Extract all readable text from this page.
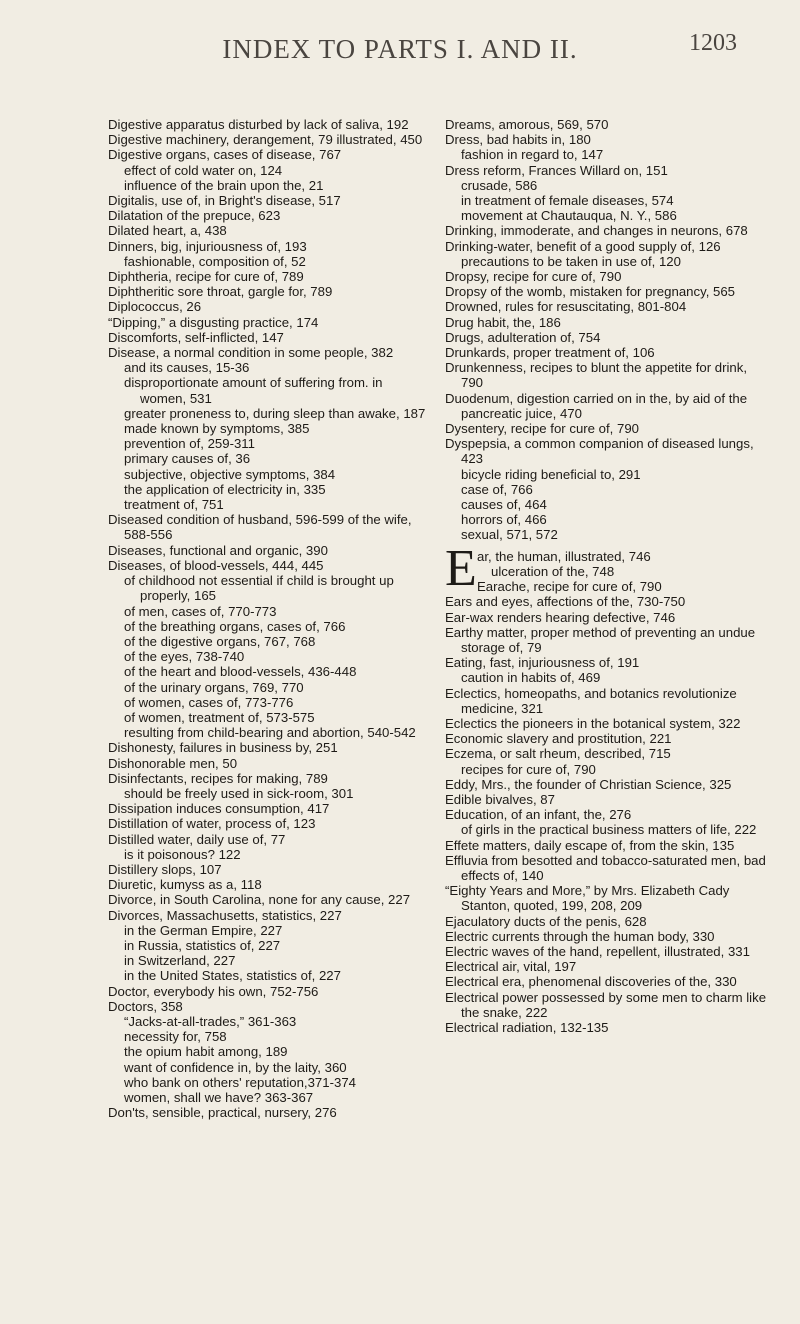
INDEX TO PARTS I. AND II.	1203

Digestive apparatus disturbed by lack of saliva, 192

Digestive machinery, derangement, 79 illustrated, 450

Digestive organs, cases of disease, 767

effect of cold water on, 124

influence of the brain upon the, 21

Digitalis, use of, in Bright's disease, 517

Dilatation of the prepuce, 623

Dilated heart, a, 438

Dinners, big, injuriousness of, 193

fashionable, composition of, 52

Diphtheria, recipe for cure of, 789

Diphtheritic sore throat, gargle for, 789

Diplococcus, 26

“Dipping,” a disgusting practice, 174

Discomforts, self-inflicted, 147

Disease, a normal condition in some people, 382

and its causes, 15-36

disproportionate amount of suffering from. in women, 531

greater proneness to, during sleep than awake, 187

made known by symptoms, 385

prevention of, 259-311

primary causes of, 36

subjective, objective symptoms, 384

the application of electricity in, 335

treatment of, 751

Diseased condition of husband, 596-599 of the wife, 588-556

Diseases, functional and organic, 390

Diseases, of blood-vessels, 444, 445

of childhood not essential if child is brought up properly, 165

of men, cases of, 770-773

of the breathing organs, cases of, 766

of the digestive organs, 767, 768

of the eyes, 738-740

of the heart and blood-vessels, 436-448

of the urinary organs, 769, 770

of women, cases of, 773-776

of women, treatment of, 573-575

resulting from child-bearing and abortion, 540-542

Dishonesty, failures in business by, 251

Dishonorable men, 50

Disinfectants, recipes for making, 789

should be freely used in sick-room, 301

Dissipation induces consumption, 417

Distillation of water, process of, 123

Distilled water, daily use of, 77

is it poisonous? 122

Distillery slops, 107

Diuretic, kumyss as a, 118

Divorce, in South Carolina, none for any cause, 227

Divorces, Massachusetts, statistics, 227

in the German Empire, 227

in Russia, statistics of, 227

in Switzerland, 227

in the United States, statistics of, 227

Doctor, everybody his own, 752-756

Doctors, 358

“Jacks-at-all-trades,” 361-363

necessity for, 758

the opium habit among, 189

want of confidence in, by the laity, 360

who bank on others' reputation,371-374

women, shall we have? 363-367

Don'ts, sensible, practical, nursery, 276

Dreams, amorous, 569, 570

Dress, bad habits in, 180

fashion in regard to, 147

Dress reform, Frances Willard on, 151

crusade, 586

in treatment of female diseases, 574

movement at Chautauqua, N. Y., 586

Drinking, immoderate, and changes in neurons, 678

Drinking-water, benefit of a good supply of, 126

precautions to be taken in use of, 120

Dropsy, recipe for cure of, 790

Dropsy of the womb, mistaken for pregnancy, 565

Drowned, rules for resuscitating, 801-804

Drug habit, the, 186

Drugs, adulteration of, 754

Drunkards, proper treatment of, 106

Drunkenness, recipes to blunt the appetite for drink, 790

Duodenum, digestion carried on in the, by aid of the pancreatic juice, 470

Dysentery, recipe for cure of, 790

Dyspepsia, a common companion of diseased lungs, 423

bicycle riding beneficial to, 291

case of, 766

causes of, 464

horrors of, 466

sexual, 571, 572

E ar, the human, illustrated, 746

ulceration of the, 748

Earache, recipe for cure of, 790

Ears and eyes, affections of the, 730-750

Ear-wax renders hearing defective, 746

Earthy matter, proper method of preventing an undue storage of, 79

Eating, fast, injuriousness of, 191

caution in habits of, 469

Eclectics, homeopaths, and botanics revolutionize medicine, 321

Eclectics the pioneers in the botanical system, 322

Economic slavery and prostitution, 221

Eczema, or salt rheum, described, 715

recipes for cure of, 790

Eddy, Mrs., the founder of Christian Science, 325

Edible bivalves, 87

Education, of an infant, the, 276

of girls in the practical business matters of life, 222

Effete matters, daily escape of, from the skin, 135

Effluvia from besotted and tobacco-saturated men, bad effects of, 140

“Eighty Years and More,” by Mrs. Elizabeth Cady Stanton, quoted, 199, 208, 209

Ejaculatory ducts of the penis, 628

Electric currents through the human body, 330

Electric waves of the hand, repellent, illustrated, 331

Electrical air, vital, 197

Electrical era, phenomenal discoveries of the, 330

Electrical power possessed by some men to charm like the snake, 222

Electrical radiation, 132-135
